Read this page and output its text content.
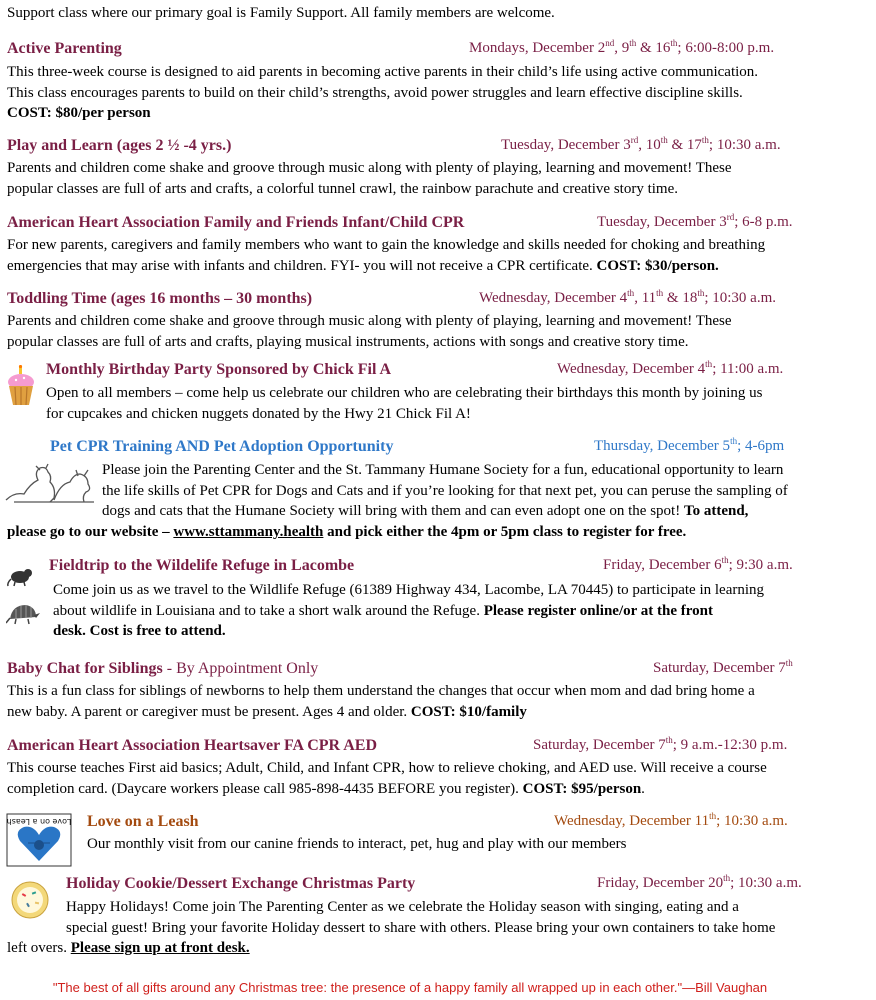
Support class where our primary goal is Family Support. All family members are welcome.
Active Parenting	Mondays, December 2nd, 9th & 16th; 6:00-8:00 p.m.
This three-week course is designed to aid parents in becoming active parents in their child’s life using active communication.
This class encourages parents to build on their child’s strengths, avoid power struggles and learn effective discipline skills.
COST: $80/per person
Play and Learn (ages 2 ½ -4 yrs.)	Tuesday, December 3rd, 10th & 17th; 10:30 a.m.
Parents and children come shake and groove through music along with plenty of playing, learning and movement! These
popular classes are full of arts and crafts, a colorful tunnel crawl, the rainbow parachute and creative story time.
American Heart Association Family and Friends Infant/Child CPR	Tuesday, December 3rd; 6-8 p.m.
For new parents, caregivers and family members who want to gain the knowledge and skills needed for choking and breathing
emergencies that may arise with infants and children. FYI- you will not receive a CPR certificate. COST: $30/person.
Toddling Time (ages 16 months – 30 months)	Wednesday, December 4th, 11th & 18th; 10:30 a.m.
Parents and children come shake and groove through music along with plenty of playing, learning and movement! These
popular classes are full of arts and crafts, playing musical instruments, actions with songs and creative story time.
Monthly Birthday Party Sponsored by Chick Fil A	Wednesday, December 4th; 11:00 a.m.
Open to all members – come help us celebrate our children who are celebrating their birthdays this month by joining us
for cupcakes and chicken nuggets donated by the Hwy 21 Chick Fil A!
Pet CPR Training AND Pet Adoption Opportunity	Thursday, December 5th; 4-6pm
Please join the Parenting Center and the St. Tammany Humane Society for a fun, educational opportunity to learn
the life skills of Pet CPR for Dogs and Cats and if you’re looking for that next pet, you can peruse the sampling of
dogs and cats that the Humane Society will bring with them and can even adopt one on the spot! To attend,
please go to our website – www.sttammany.health and pick either the 4pm or 5pm class to register for free.
Fieldtrip to the Wildelife Refuge in Lacombe	Friday, December 6th; 9:30 a.m.
Come join us as we travel to the Wildlife Refuge (61389 Highway 434, Lacombe, LA 70445) to participate in learning
about wildlife in Louisiana and to take a short walk around the Refuge. Please register online/or at the front
desk. Cost is free to attend.
Baby Chat for Siblings - By Appointment Only	Saturday, December 7th
This is a fun class for siblings of newborns to help them understand the changes that occur when mom and dad bring home a
new baby. A parent or caregiver must be present. Ages 4 and older. COST: $10/family
American Heart Association Heartsaver FA CPR AED	Saturday, December 7th; 9 a.m.-12:30 p.m.
This course teaches First aid basics; Adult, Child, and Infant CPR, how to relieve choking, and AED use. Will receive a course
completion card. (Daycare workers please call 985-898-4435 BEFORE you register). COST: $95/person.
Love on a Leash Love on a Leash	Wednesday, December 11th; 10:30 a.m.
Our monthly visit from our canine friends to interact, pet, hug and play with our members
Holiday Cookie/Dessert Exchange Christmas Party	Friday, December 20th; 10:30 a.m.
Happy Holidays! Come join The Parenting Center as we celebrate the Holiday season with singing, eating and a
special guest! Bring your favorite Holiday dessert to share with others. Please bring your own containers to take home
left overs. Please sign up at front desk.
"The best of all gifts around any Christmas tree: the presence of a happy family all wrapped up in each other."—Bill Vaughan
